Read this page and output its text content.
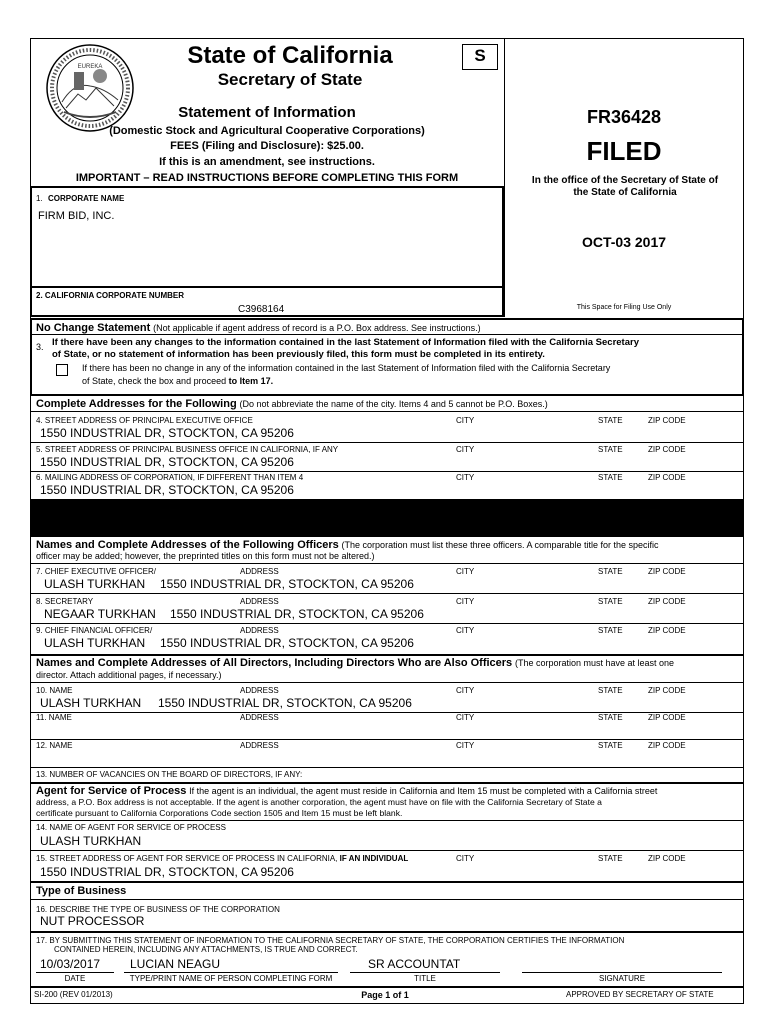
EUREKA	State of California
Secretary of State
S
Statement of Information
(Domestic Stock and Agricultural Cooperative Corporations)
FEES (Filing and Disclosure): $25.00.
If this is an amendment, see instructions.
IMPORTANT – READ INSTRUCTIONS BEFORE COMPLETING THIS FORM
FR36428
FILED
In the office of the Secretary of State of the State of California
OCT-03 2017
This Space for Filing Use Only
1. CORPORATE NAME
FIRM BID, INC.
2. CALIFORNIA CORPORATE NUMBER
C3968164
No Change Statement (Not applicable if agent address of record is a P.O. Box address. See instructions.)
3. If there have been any changes to the information contained in the last Statement of Information filed with the California Secretary
of State, or no statement of information has been previously filed, this form must be completed in its entirety.
If there has been no change in any of the information contained in the last Statement of Information filed with the California Secretary
of State, check the box and proceed to Item 17.
Complete Addresses for the Following (Do not abbreviate the name of the city. Items 4 and 5 cannot be P.O. Boxes.)
4. STREET ADDRESS OF PRINCIPAL EXECUTIVE OFFICE	CITY	STATE	ZIP CODE
1550 INDUSTRIAL DR, STOCKTON, CA 95206
5. STREET ADDRESS OF PRINCIPAL BUSINESS OFFICE IN CALIFORNIA, IF ANY	CITY	STATE	ZIP CODE
1550 INDUSTRIAL DR, STOCKTON, CA 95206
6. MAILING ADDRESS OF CORPORATION, IF DIFFERENT THAN ITEM 4	CITY	STATE	ZIP CODE
1550 INDUSTRIAL DR, STOCKTON, CA 95206
Names and Complete Addresses of the Following Officers (The corporation must list these three officers. A comparable title for the specific
officer may be added; however, the preprinted titles on this form must not be altered.)
7. CHIEF EXECUTIVE OFFICER/	ADDRESS	CITY	STATE	ZIP CODE
ULASH TURKHAN 1550 INDUSTRIAL DR, STOCKTON, CA 95206
8. SECRETARY	ADDRESS	CITY	STATE	ZIP CODE
NEGAAR TURKHAN 1550 INDUSTRIAL DR, STOCKTON, CA 95206
9. CHIEF FINANCIAL OFFICER/	ADDRESS	CITY	STATE	ZIP CODE
ULASH TURKHAN 1550 INDUSTRIAL DR, STOCKTON, CA 95206
Names and Complete Addresses of All Directors, Including Directors Who are Also Officers (The corporation must have at least one
director. Attach additional pages, if necessary.)
10. NAME	ADDRESS	CITY	STATE	ZIP CODE
ULASH TURKHAN 1550 INDUSTRIAL DR, STOCKTON, CA 95206
11. NAME	ADDRESS	CITY	STATE	ZIP CODE
12. NAME	ADDRESS	CITY	STATE	ZIP CODE
13. NUMBER OF VACANCIES ON THE BOARD OF DIRECTORS, IF ANY:
Agent for Service of Process If the agent is an individual, the agent must reside in California and Item 15 must be completed with a California street
address, a P.O. Box address is not acceptable. If the agent is another corporation, the agent must have on file with the California Secretary of State a
certificate pursuant to California Corporations Code section 1505 and Item 15 must be left blank.
14. NAME OF AGENT FOR SERVICE OF PROCESS
ULASH TURKHAN
15. STREET ADDRESS OF AGENT FOR SERVICE OF PROCESS IN CALIFORNIA, IF AN INDIVIDUAL	CITY	STATE	ZIP CODE
1550 INDUSTRIAL DR, STOCKTON, CA 95206
Type of Business
16. DESCRIBE THE TYPE OF BUSINESS OF THE CORPORATION
NUT PROCESSOR
17. BY SUBMITTING THIS STATEMENT OF INFORMATION TO THE CALIFORNIA SECRETARY OF STATE, THE CORPORATION CERTIFIES THE INFORMATION
CONTAINED HEREIN, INCLUDING ANY ATTACHMENTS, IS TRUE AND CORRECT.
10/03/2017 LUCIAN NEAGU	SR ACCOUNTAT
DATE	TYPE/PRINT NAME OF PERSON COMPLETING FORM	TITLE	SIGNATURE
SI-200 (REV 01/2013)	Page 1 of 1	APPROVED BY SECRETARY OF STATE
